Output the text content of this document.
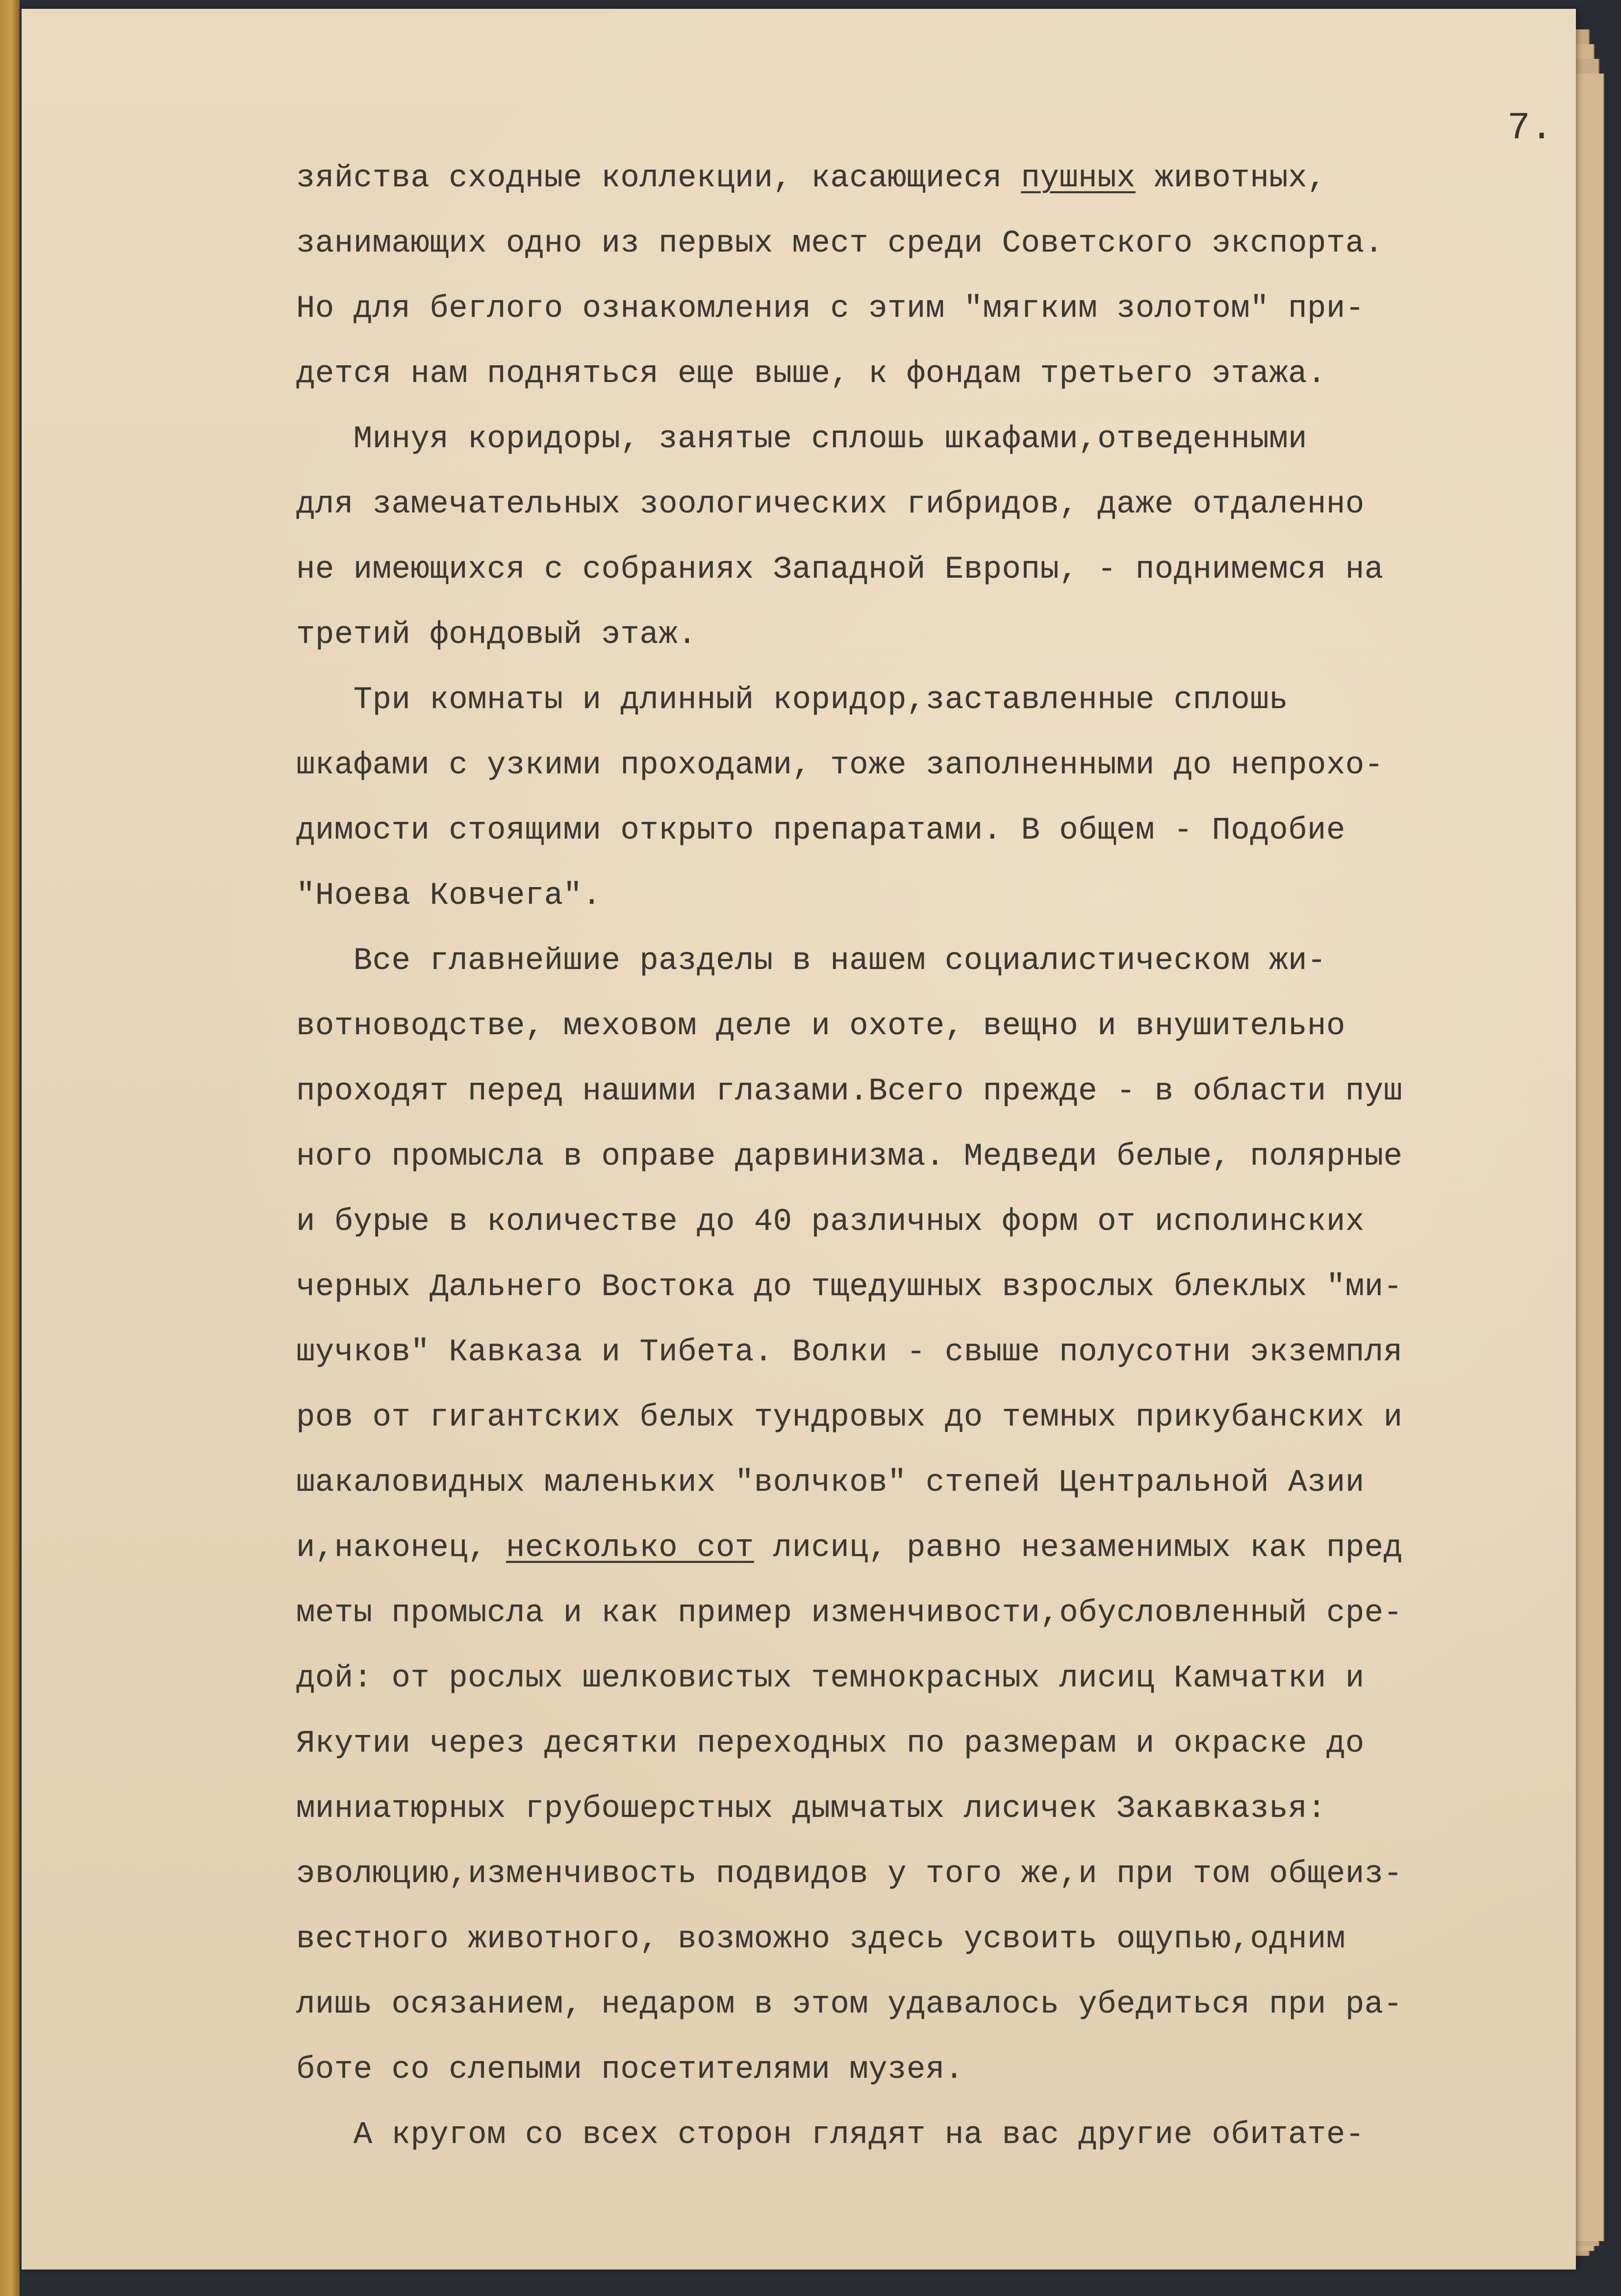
7.
зяйства сходные коллекции, касающиеся пушных животных,
занимающих одно из первых мест среди Советского экспорта.
Но для беглого ознакомления с этим "мягким золотом" при-
дется нам подняться еще выше, к фондам третьего этажа.
Минуя коридоры, занятые сплошь шкафами,отведенными
для замечательных зоологических гибридов, даже отдаленно
не имеющихся с собраниях Западной Европы, - поднимемся на
третий фондовый этаж.
Три комнаты и длинный коридор,заставленные сплошь
шкафами с узкими проходами, тоже заполненными до непрохо-
димости стоящими открыто препаратами. В общем - Подобие
"Ноева Ковчега".
Все главнейшие разделы в нашем социалистическом жи-
вотноводстве, меховом деле и охоте, вещно и внушительно
проходят перед нашими глазами.Всего прежде - в области пуш
ного промысла в оправе дарвинизма. Медведи белые, полярные
и бурые в количестве до 40 различных форм от исполинских
черных Дальнего Востока до тщедушных взрослых блеклых "ми-
шучков" Кавказа и Тибета. Волки - свыше полусотни экземпля
ров от гигантских белых тундровых до темных прикубанских и
шакаловидных маленьких "волчков" степей Центральной Азии
и,наконец, несколько сот лисиц, равно незаменимых как пред
меты промысла и как пример изменчивости,обусловленный сре-
дой: от рослых шелковистых темнокрасных лисиц Камчатки и
Якутии через десятки переходных по размерам и окраске до
миниатюрных грубошерстных дымчатых лисичек Закавказья:
эволюцию,изменчивость подвидов у того же,и при том общеиз-
вестного животного, возможно здесь усвоить ощупью,одним
лишь осязанием, недаром в этом удавалось убедиться при ра-
боте со слепыми посетителями музея.
А кругом со всех сторон глядят на вас другие обитате-
